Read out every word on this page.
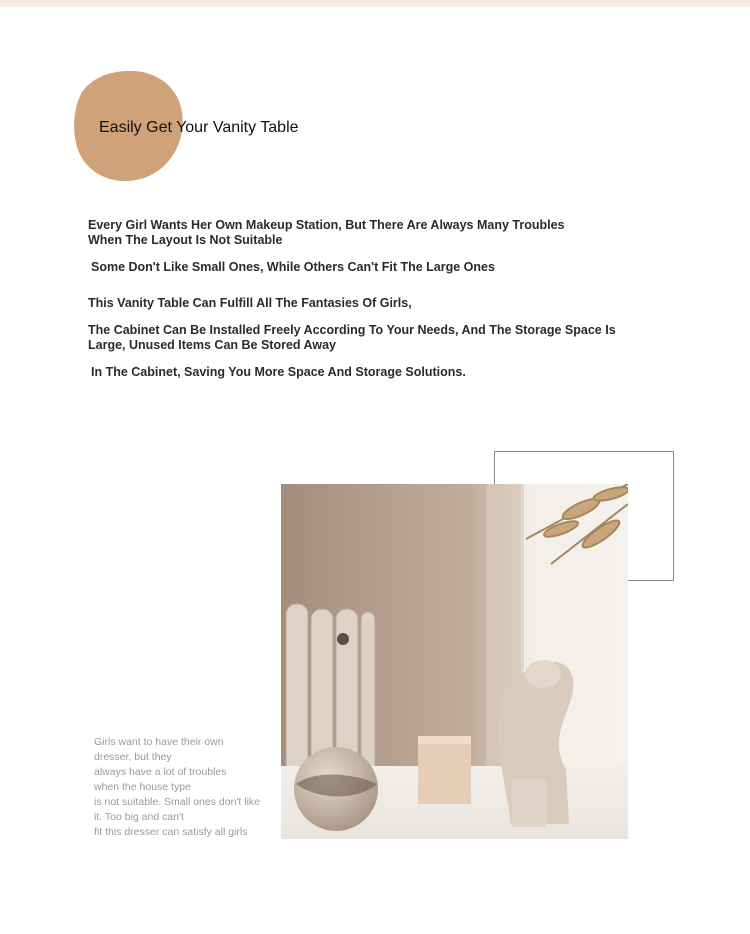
Easily Get Your Vanity Table

Every Girl Wants Her Own Makeup Station, But There Are Always Many Troubles
When The Layout Is Not Suitable

Some Don't Like Small Ones, While Others Can't Fit The Large Ones

This Vanity Table Can Fulfill All The Fantasies Of Girls,

The Cabinet Can Be Installed Freely According To Your Needs, And The Storage Space Is
Large, Unused Items Can Be Stored Away

In The Cabinet, Saving You More Space And Storage Solutions.

Girls want to have their own
dresser, but they
always have a lot of troubles
when the house type
is not suitable. Small ones don't like
it. Too big and can't
fit this dresser can satisfy all girls
